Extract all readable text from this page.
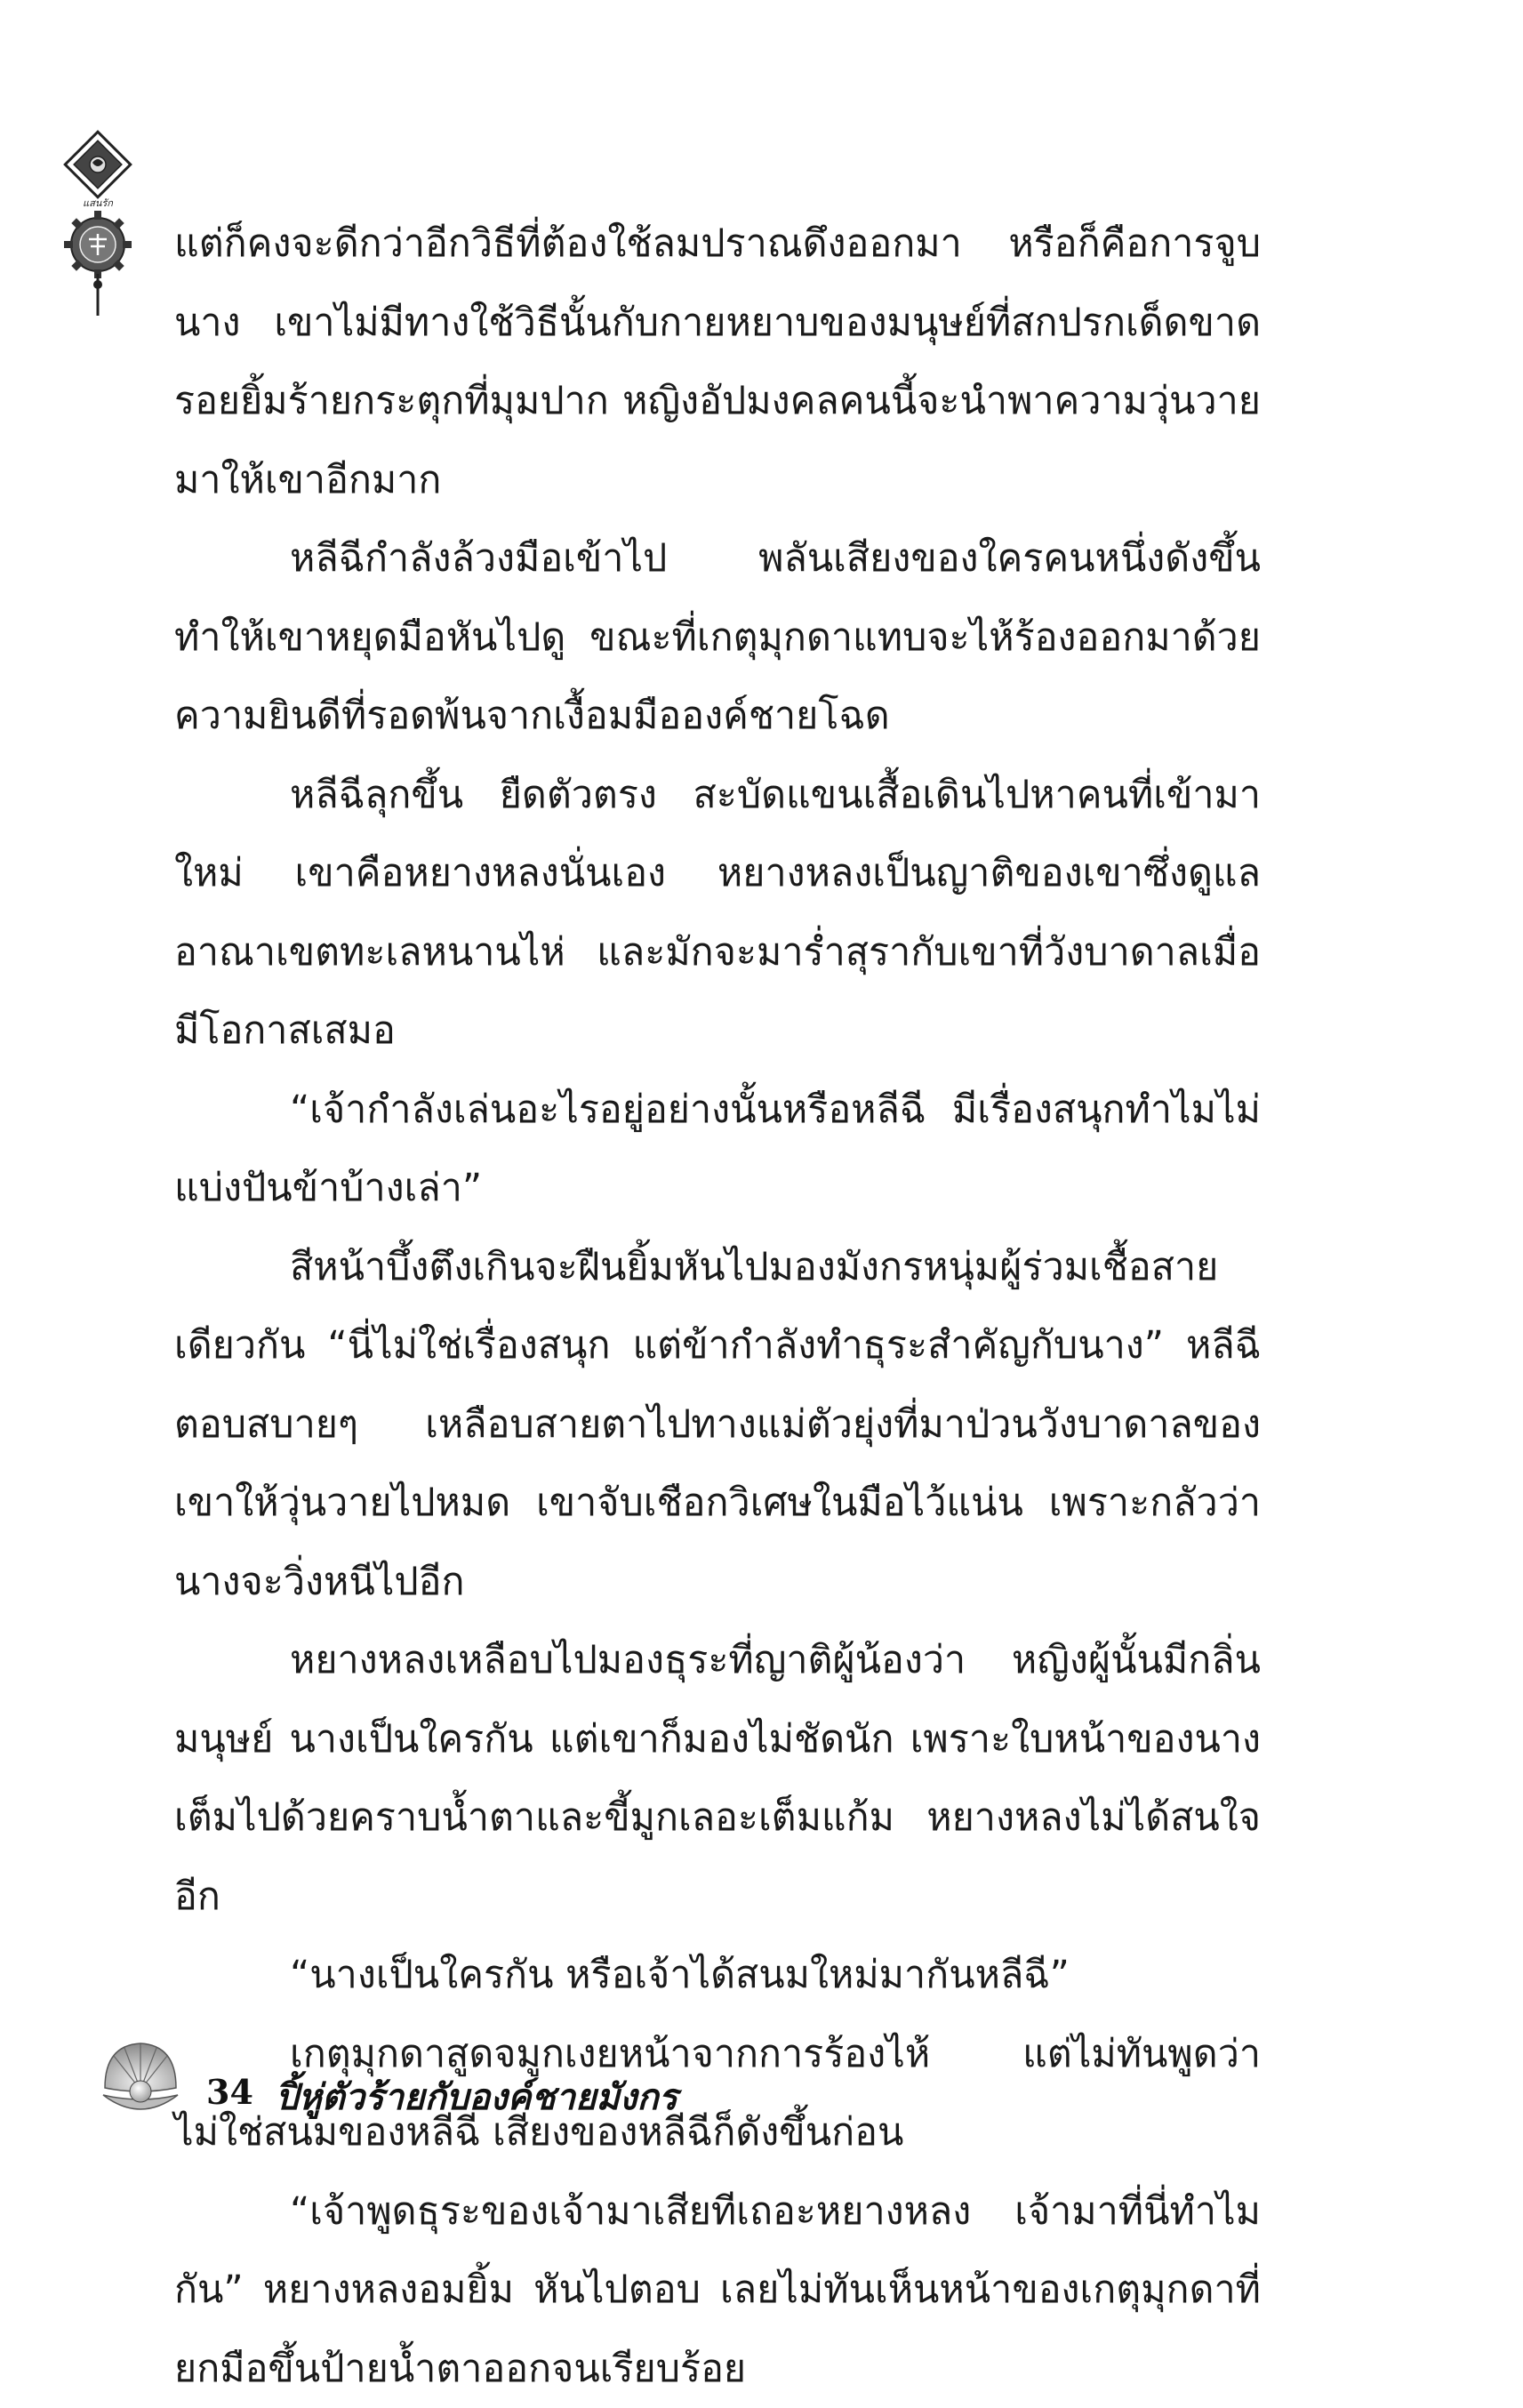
แสนรัก

แต่ก็คงจะดีกว่าอีกวิธีที่ต้องใช้ลมปราณดึงออกมา หรือก็คือการจูบนาง เขาไม่มีทางใช้วิธีนั้นกับกายหยาบของมนุษย์ที่สกปรกเด็ดขาด รอยยิ้มร้ายกระตุกที่มุมปาก หญิงอัปมงคลคนนี้จะนำพาความวุ่นวายมาให้เขาอีกมาก

หลีฉีกำลังล้วงมือเข้าไป พลันเสียงของใครคนหนึ่งดังขึ้น ทำให้เขาหยุดมือหันไปดู ขณะที่เกตุมุกดาแทบจะไห้ร้องออกมาด้วยความยินดีที่รอดพ้นจากเงื้อมมือองค์ชายโฉด

หลีฉีลุกขึ้น ยืดตัวตรง สะบัดแขนเสื้อเดินไปหาคนที่เข้ามาใหม่ เขาคือหยางหลงนั่นเอง หยางหลงเป็นญาติของเขาซึ่งดูแลอาณาเขตทะเลหนานไห่ และมักจะมาร่ำสุรากับเขาที่วังบาดาลเมื่อมีโอกาสเสมอ

“เจ้ากำลังเล่นอะไรอยู่อย่างนั้นหรือหลีฉี มีเรื่องสนุกทำไมไม่แบ่งปันข้าบ้างเล่า”

สีหน้าบึ้งตึงเกินจะฝืนยิ้มหันไปมองมังกรหนุ่มผู้ร่วมเชื้อสายเดียวกัน “นี่ไม่ใช่เรื่องสนุก แต่ข้ากำลังทำธุระสำคัญกับนาง” หลีฉีตอบสบายๆ เหลือบสายตาไปทางแม่ตัวยุ่งที่มาป่วนวังบาดาลของเขาให้วุ่นวายไปหมด เขาจับเชือกวิเศษในมือไว้แน่น เพราะกลัวว่านางจะวิ่งหนีไปอีก

หยางหลงเหลือบไปมองธุระที่ญาติผู้น้องว่า หญิงผู้นั้นมีกลิ่นมนุษย์ นางเป็นใครกัน แต่เขาก็มองไม่ชัดนัก เพราะใบหน้าของนางเต็มไปด้วยคราบน้ำตาและขี้มูกเลอะเต็มแก้ม หยางหลงไม่ได้สนใจอีก

“นางเป็นใครกัน หรือเจ้าได้สนมใหม่มากันหลีฉี”

เกตุมุกดาสูดจมูกเงยหน้าจากการร้องไห้ แต่ไม่ทันพูดว่า ไม่ใช่สนมของหลีฉี เสียงของหลีฉีก็ดังขึ้นก่อน

“เจ้าพูดธุระของเจ้ามาเสียทีเถอะหยางหลง เจ้ามาที่นี่ทำไมกัน” หยางหลงอมยิ้ม หันไปตอบ เลยไม่ทันเห็นหน้าของเกตุมุกดาที่ยกมือขึ้นป้ายน้ำตาออกจนเรียบร้อย

34 ปิ้หู่ตัวร้ายกับองค์ชายมังกร
